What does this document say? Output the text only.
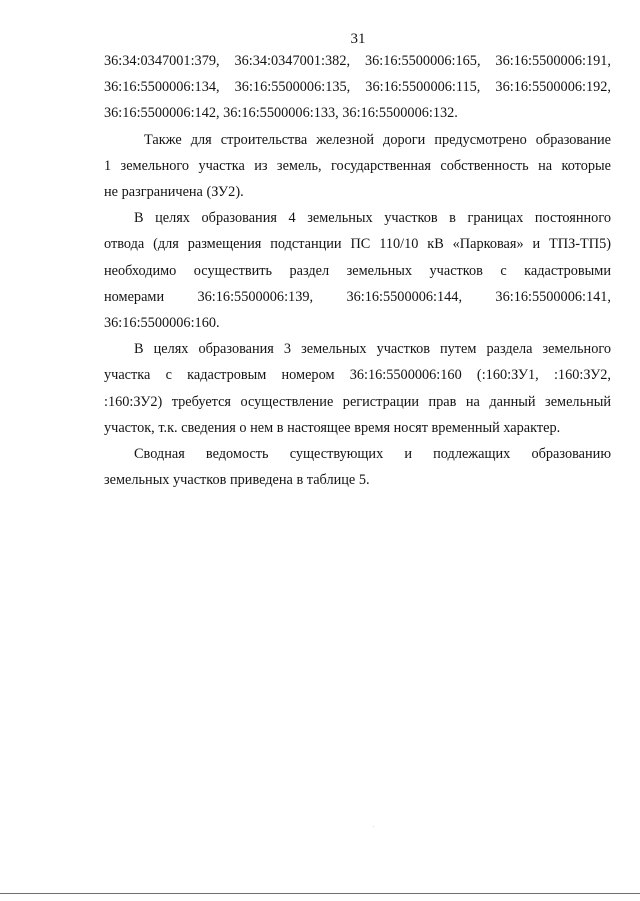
31

36:34:0347001:379, 36:34:0347001:382, 36:16:5500006:165, 36:16:5500006:191,
36:16:5500006:134, 36:16:5500006:135, 36:16:5500006:115, 36:16:5500006:192,
36:16:5500006:142, 36:16:5500006:133, 36:16:5500006:132.

Также для строительства железной дороги предусмотрено образование
1 земельного участка из земель, государственная собственность на которые
не разграничена (ЗУ2).

В целях образования 4 земельных участков в границах постоянного
отвода (для размещения подстанции ПС 110/10 кВ «Парковая» и ТПЗ-ТП5)
необходимо осуществить раздел земельных участков с кадастровыми
номерами 36:16:5500006:139, 36:16:5500006:144, 36:16:5500006:141,
36:16:5500006:160.

В целях образования 3 земельных участков путем раздела земельного
участка с кадастровым номером 36:16:5500006:160 (:160:ЗУ1, :160:ЗУ2,
:160:ЗУ2) требуется осуществление регистрации прав на данный земельный
участок, т.к. сведения о нем в настоящее время носят временный характер.

Сводная ведомость существующих и подлежащих образованию
земельных участков приведена в таблице 5.
